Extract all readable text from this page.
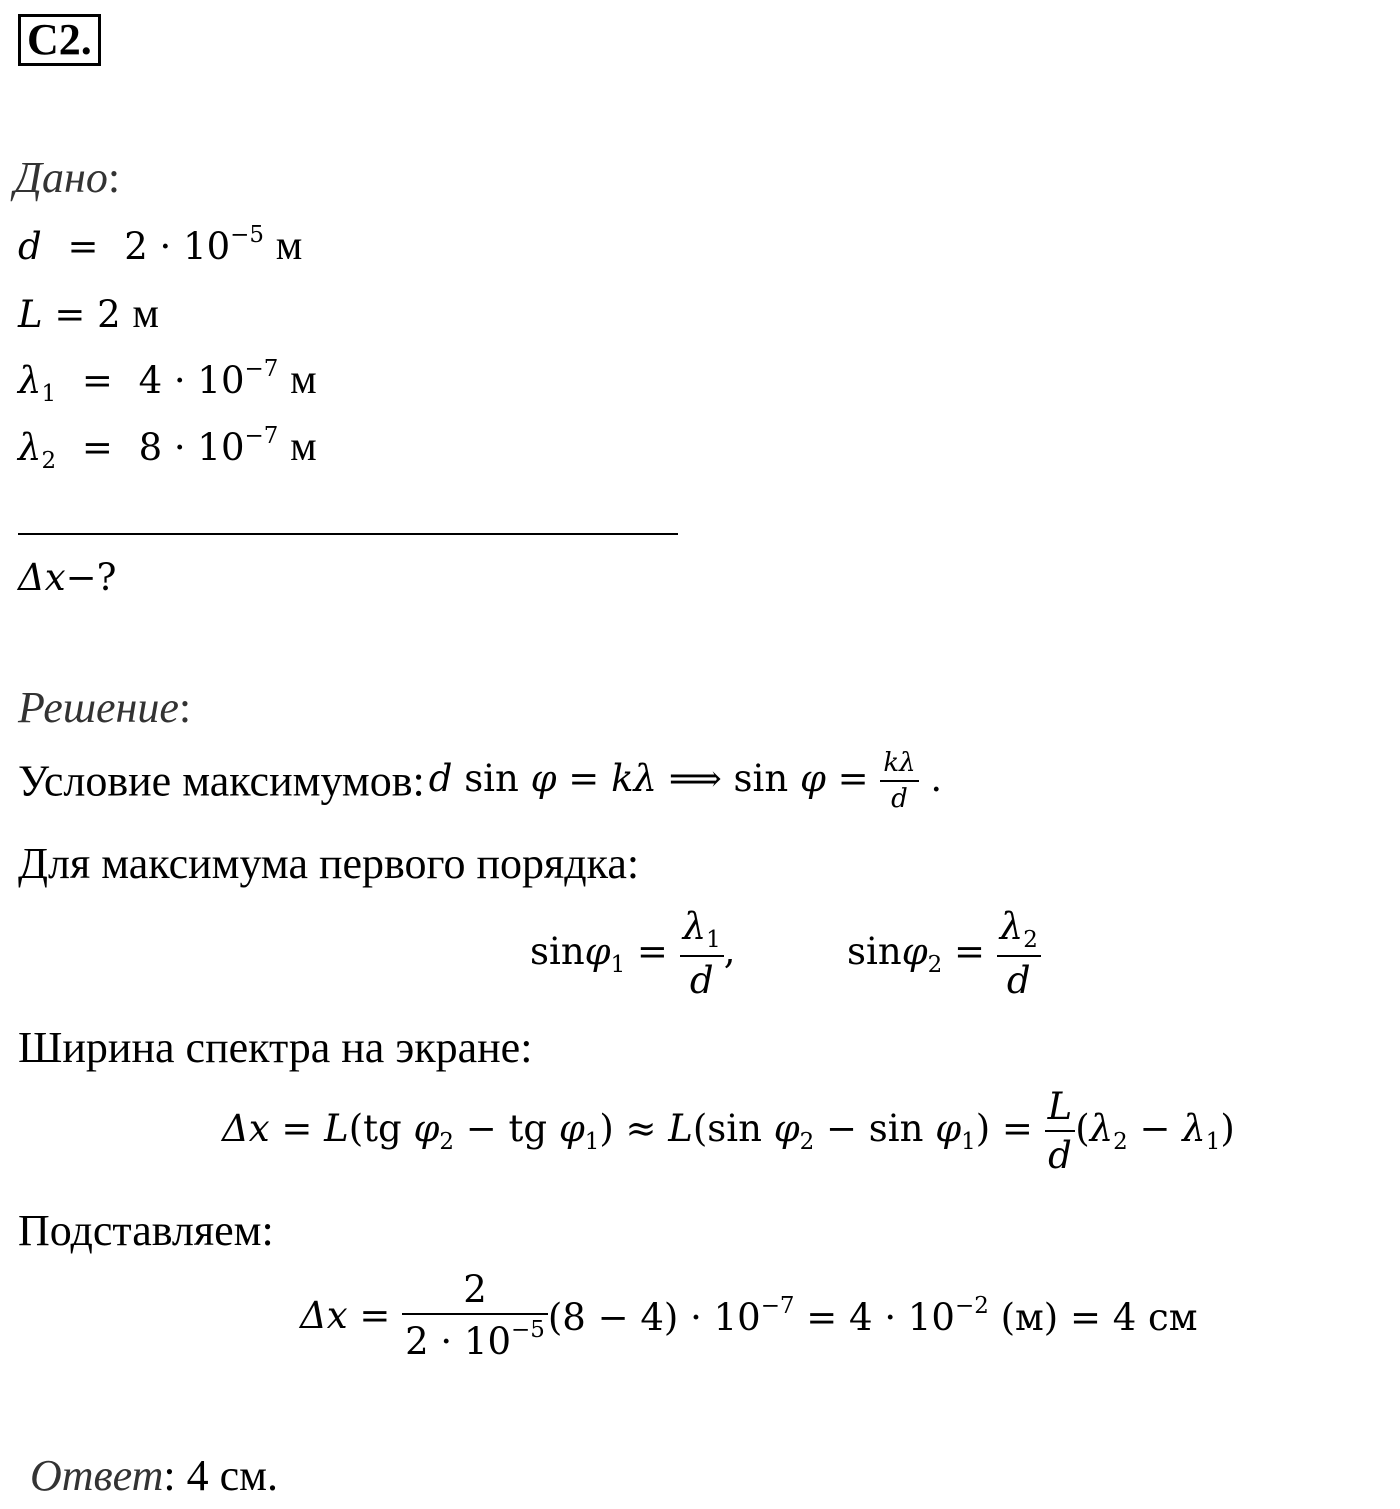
С2.
Дано:
$d = 2 \cdot 10^{-5}$ м
L = 2 м
$\lambda_1 = 4 \cdot 10^{-7}$ м
$\lambda_2 = 8 \cdot 10^{-7}$ м
Δx−?
Решение:
Условие максимумов: d sin φ = kλ ⟹ $\sin \varphi = \frac{k\lambda}{d}$ .
Для максимума первого порядка:
$\sin\varphi_1 = \frac{\lambda_1}{d}$ ,	$\sin\varphi_2 = \frac{\lambda_2}{d}$
Ширина спектра на экране:
Δx = L(tg $\varphi_2$ − tg $\varphi_1) \approx L(\sin$ $\varphi_2 - \sin \varphi_1) = \frac{L}{d} (\lambda_2 - \lambda_1)$
Подставляем:
$\Delta x = \frac{2}{2 \cdot 10^{-5}} (8 - 4) \cdot 10^{-7} = 4 \cdot 10^{-2}$ (м) = 4 см
Ответ: 4 см.
